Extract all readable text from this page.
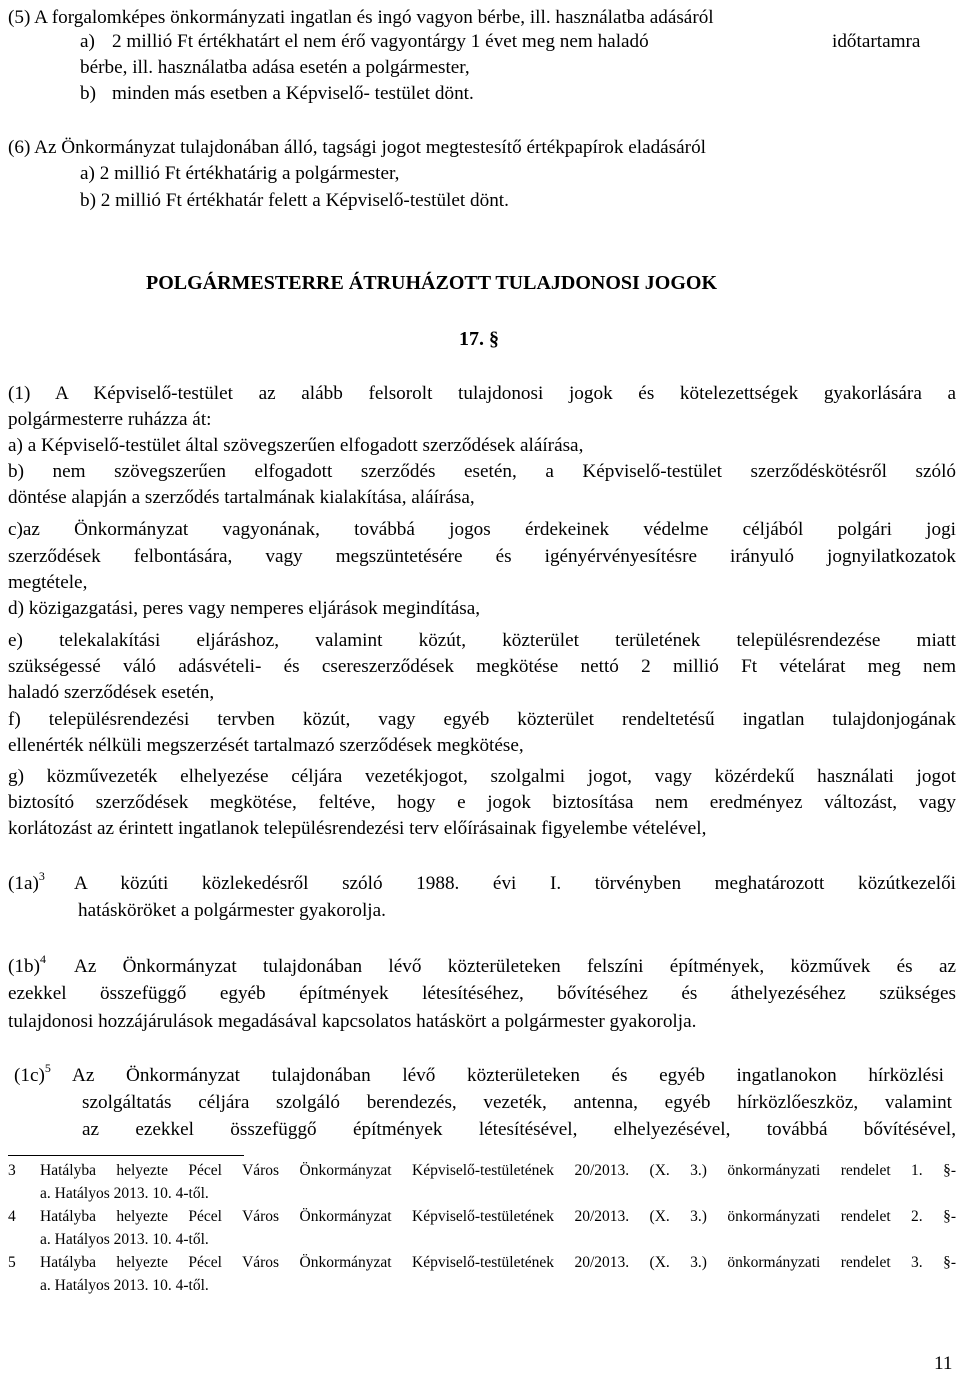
(5) A forgalomképes önkormányzati ingatlan és ingó vagyon bérbe, ill. használatba adásáról
a) 2 millió Ft értékhatárt el nem érő vagyontárgy 1 évet meg nem haladó	időtartamra
bérbe, ill. használatba adása esetén a polgármester,
b) minden más esetben a Képviselő- testület dönt.
(6) Az Önkormányzat tulajdonában álló, tagsági jogot megtestesítő értékpapírok eladásáról
a) 2 millió Ft értékhatárig a polgármester,
b) 2 millió Ft értékhatár felett a Képviselő-testület dönt.
POLGÁRMESTERRE ÁTRUHÁZOTT TULAJDONOSI JOGOK
17. §
(1) A Képviselő-testület az alább felsorolt tulajdonosi jogok és kötelezettségek gyakorlására a
polgármesterre ruházza át:
a) a Képviselő-testület által szövegszerűen elfogadott szerződések aláírása,
b) nem szövegszerűen elfogadott szerződés esetén, a Képviselő-testület szerződéskötésről szóló
döntése alapján a szerződés tartalmának kialakítása, aláírása,
c)az Önkormányzat vagyonának, továbbá jogos érdekeinek védelme céljából polgári jogi
szerződések felbontására, vagy megszüntetésére és igényérvényesítésre irányuló jognyilatkozatok
megtétele,
d) közigazgatási, peres vagy nemperes eljárások megindítása,
e) telekalakítási eljáráshoz, valamint közút, közterület területének településrendezése miatt
szükségessé váló adásvételi- és csereszerződések megkötése nettó 2 millió Ft vételárat meg nem
haladó szerződések esetén,
f) településrendezési tervben közút, vagy egyéb közterület rendeltetésű ingatlan tulajdonjogának
ellenérték nélküli megszerzését tartalmazó szerződések megkötése,
g) közművezeték elhelyezése céljára vezetékjogot, szolgalmi jogot, vagy közérdekű használati jogot
biztosító szerződések megkötése, feltéve, hogy e jogok biztosítása nem eredményez változást, vagy
korlátozást az érintett ingatlanok településrendezési terv előírásainak figyelembe vételével,
$(1a)^3$ A közúti közlekedésről szóló 1988. évi I. törvényben meghatározott közútkezelői
hatásköröket a polgármester gyakorolja.
$(1b)^4$ Az Önkormányzat tulajdonában lévő közterületeken felszíni építmények, közművek és az
ezekkel összefüggő egyéb építmények létesítéséhez, bővítéséhez és áthelyezéséhez szükséges
tulajdonosi hozzájárulások megadásával kapcsolatos hatáskört a polgármester gyakorolja.
$(1c)^5$ Az Önkormányzat tulajdonában lévő közterületeken és egyéb ingatlanokon hírközlési
szolgáltatás céljára szolgáló berendezés, vezeték, antenna, egyéb hírközlőeszköz, valamint
az ezekkel összefüggő építmények létesítésével, elhelyezésével, továbbá bővítésével,
3 Hatályba helyezte Pécel Város Önkormányzat Képviselő-testületének 20/2013. (X. 3.) önkormányzati rendelet 1. §-
a. Hatályos 2013. 10. 4-től.
4 Hatályba helyezte Pécel Város Önkormányzat Képviselő-testületének 20/2013. (X. 3.) önkormányzati rendelet 2. §-
a. Hatályos 2013. 10. 4-től.
5 Hatályba helyezte Pécel Város Önkormányzat Képviselő-testületének 20/2013. (X. 3.) önkormányzati rendelet 3. §-
a. Hatályos 2013. 10. 4-től.
11
